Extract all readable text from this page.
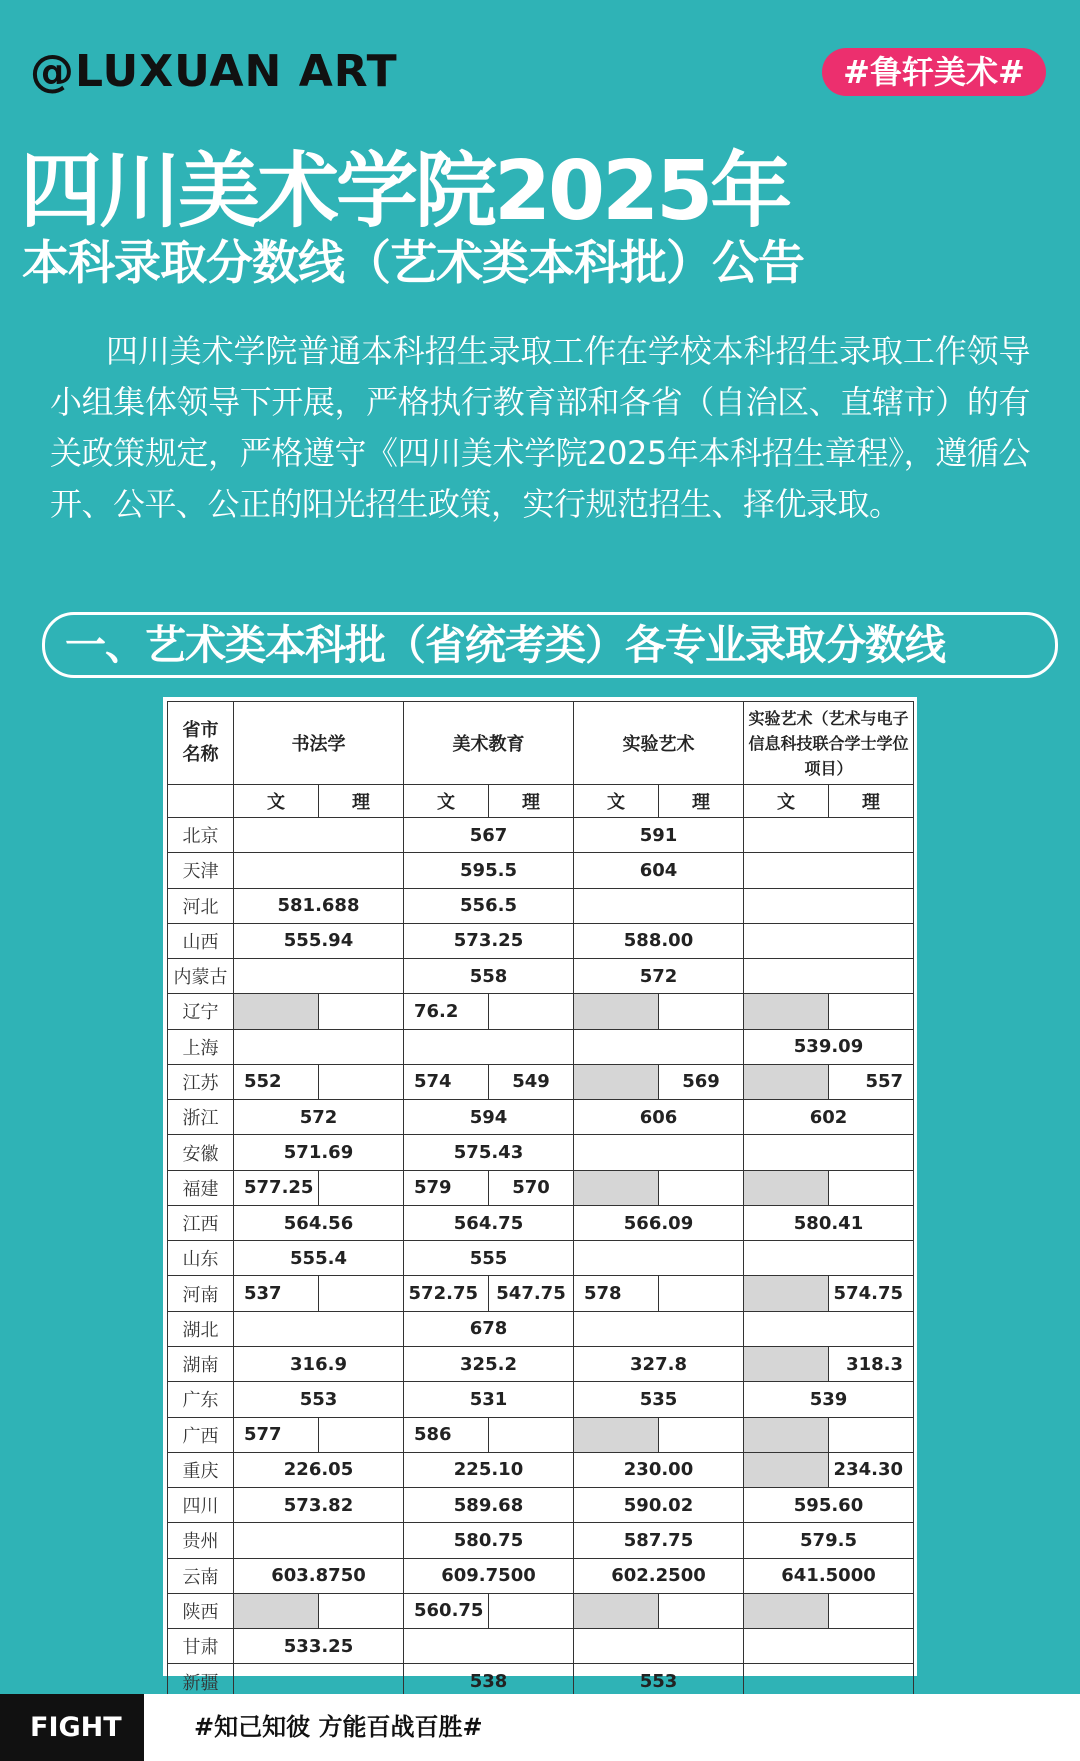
@LUXUAN ART	#鲁轩美术#
四川美术学院2025年
本科录取分数线（艺术类本科批）公告
四川美术学院普通本科招生录取工作在学校本科招生录取工作领导小组集体领导下开展，严格执行教育部和各省（自治区、直辖市）的有关政策规定，严格遵守《四川美术学院2025年本科招生章程》，遵循公开、公平、公正的阳光招生政策，实行规范招生、择优录取。
一、艺术类本科批（省统考类）各专业录取分数线
省市名称	书法学		美术教育		实验艺术		实验艺术（艺术与电子信息科技联合学士学位项目）	
	文	理	文	理	文	理	文	理
北京			567		591			
天津			595.5		604			
河北	581.688		556.5					
山西	555.94		573.25		588.00			
内蒙古			558		572			
辽宁			76.2					
上海							539.09	
江苏	552		574	549		569		557
浙江	572		594		606		602	
安徽	571.69		575.43					
福建	577.25		579	570				
江西	564.56		564.75		566.09		580.41	
山东	555.4		555					
河南	537		572.75	547.75	578			574.75
湖北			678					
湖南	316.9		325.2		327.8			318.3
广东	553		531		535		539	
广西	577		586					
重庆	226.05		225.10		230.00			234.30
四川	573.82		589.68		590.02		595.60	
贵州			580.75		587.75		579.5	
云南	603.8750		609.7500		602.2500		641.5000	
陕西			560.75					
甘肃	533.25							
新疆			538		553			
FIGHT	#知己知彼 方能百战百胜#
